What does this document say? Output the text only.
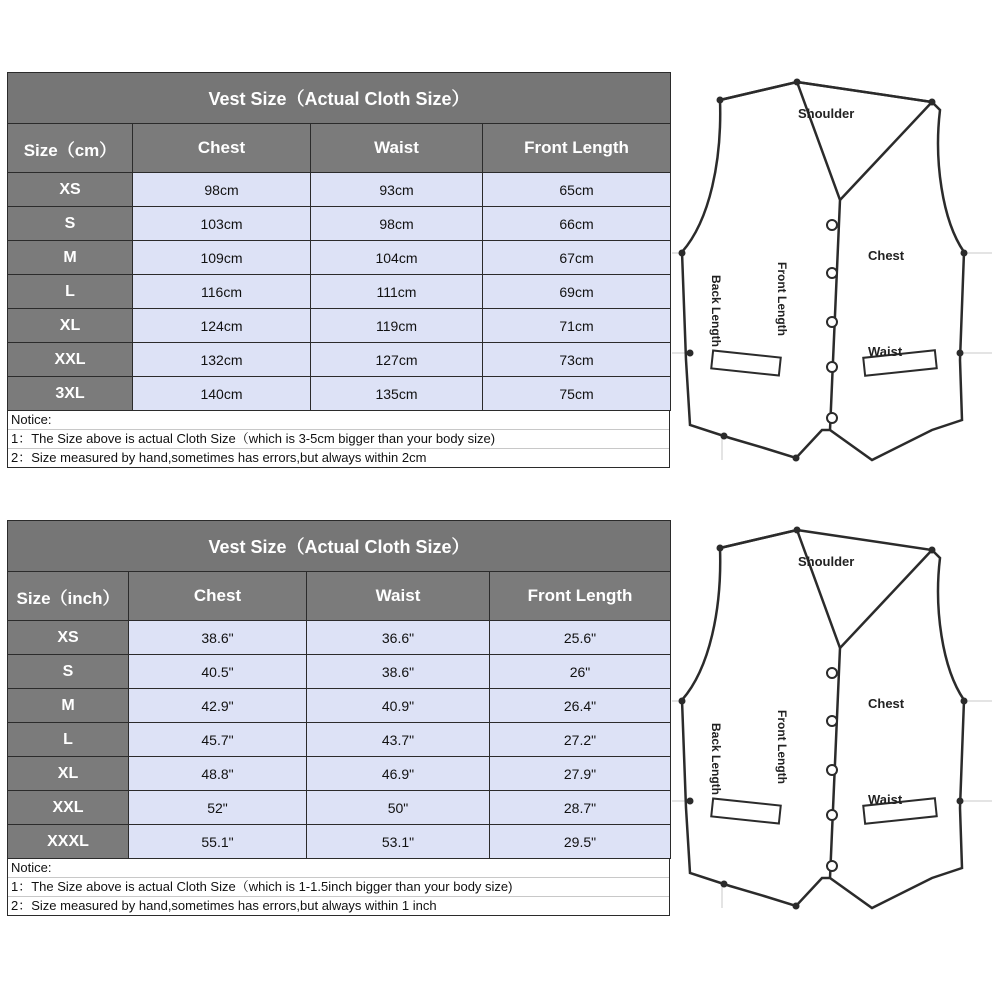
Vest Size（Actual Cloth Size）			
Size（cm）	Chest	Waist	Front Length
XS	98cm	93cm	65cm
S	103cm	98cm	66cm
M	109cm	104cm	67cm
L	116cm	111cm	69cm
XL	124cm	119cm	71cm
XXL	132cm	127cm	73cm
3XL	140cm	135cm	75cm
Notice:
1：The Size above is actual Cloth Size（which is 3-5cm bigger than your body size)
2：Size measured by hand,sometimes has errors,but always within 2cm
Shoulder
Chest
Waist
Front Length
Back Length
Vest Size（Actual Cloth Size）			
Size（inch）	Chest	Waist	Front Length
XS	38.6"	36.6"	25.6"
S	40.5"	38.6"	26"
M	42.9"	40.9"	26.4"
L	45.7"	43.7"	27.2"
XL	48.8"	46.9"	27.9"
XXL	52"	50"	28.7"
XXXL	55.1"	53.1"	29.5"
Notice:
1：The Size above is actual Cloth Size（which is 1-1.5inch bigger than your body size)
2：Size measured by hand,sometimes has errors,but always within 1 inch
Shoulder
Chest
Waist
Front Length
Back Length
